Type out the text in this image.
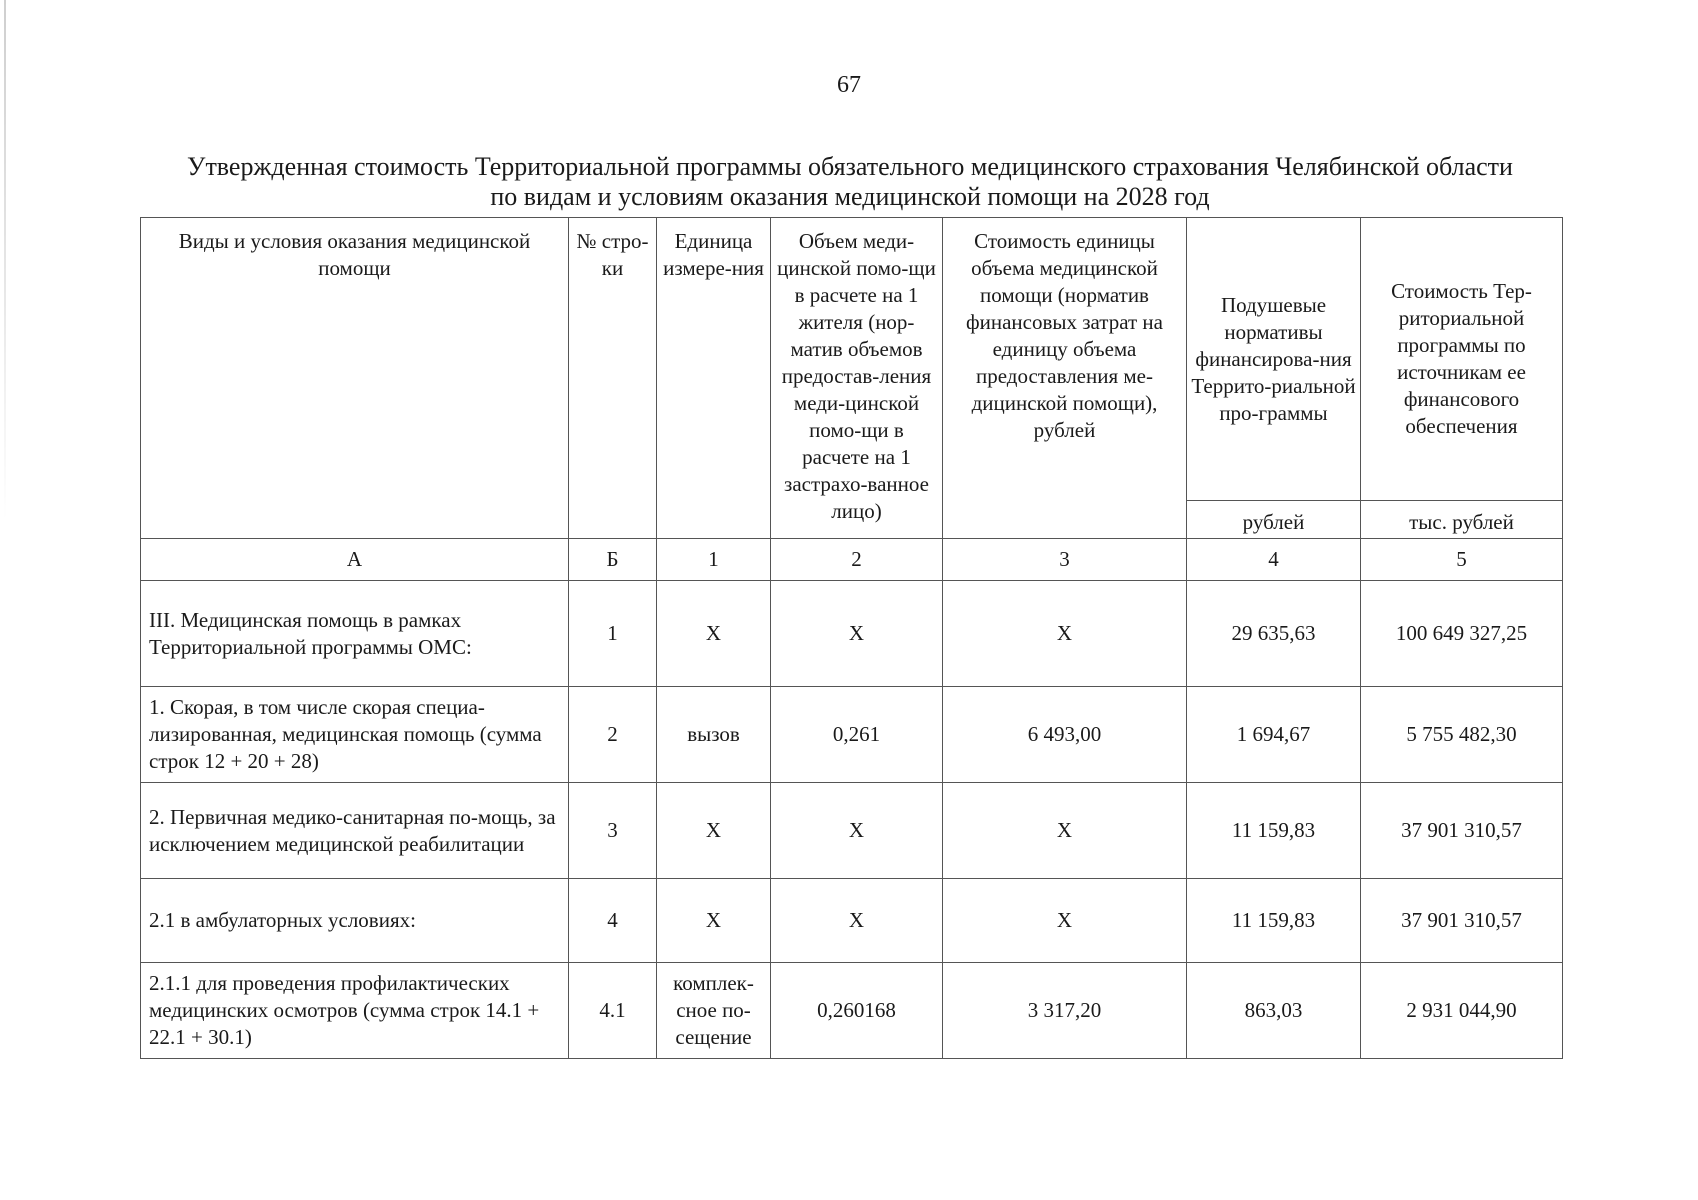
67
Утвержденная стоимость Территориальной программы обязательного медицинского страхования Челябинской области
по видам и условиям оказания медицинской помощи на 2028 год
Виды и условия оказания медицинской помощи	№ стро-ки	Единица измере-ния	Объем меди-цинской помо-щи в расчете на 1 жителя (нор-матив объемов предостав-ления меди-цинской помо-щи в расчете на 1 застрахо-ванное лицо)	Стоимость единицы объема медицинской помощи (норматив финансовых затрат на единицу объема предоставления ме-дицинской помощи), рублей	Подушевые нормативы финансирова-ния Террито-риальной про-граммы	Стоимость Тер-риториальной программы по источникам ее финансового обеспечения
					рублей	тыс. рублей
А	Б	1	2	3	4	5
III. Медицинская помощь в рамках Территориальной программы ОМС:	1	Х	Х	Х	29 635,63	100 649 327,25
1. Скорая, в том числе скорая специа-лизированная, медицинская помощь (сумма строк 12 + 20 + 28)	2	вызов	0,261	6 493,00	1 694,67	5 755 482,30
2. Первичная медико-санитарная по-мощь, за исключением медицинской реабилитации	3	Х	Х	Х	11 159,83	37 901 310,57
2.1 в амбулаторных условиях:	4	Х	Х	Х	11 159,83	37 901 310,57
2.1.1 для проведения профилактических медицинских осмотров (сумма строк 14.1 + 22.1 + 30.1)	4.1	комплек-сное по-сещение	0,260168	3 317,20	863,03	2 931 044,90
